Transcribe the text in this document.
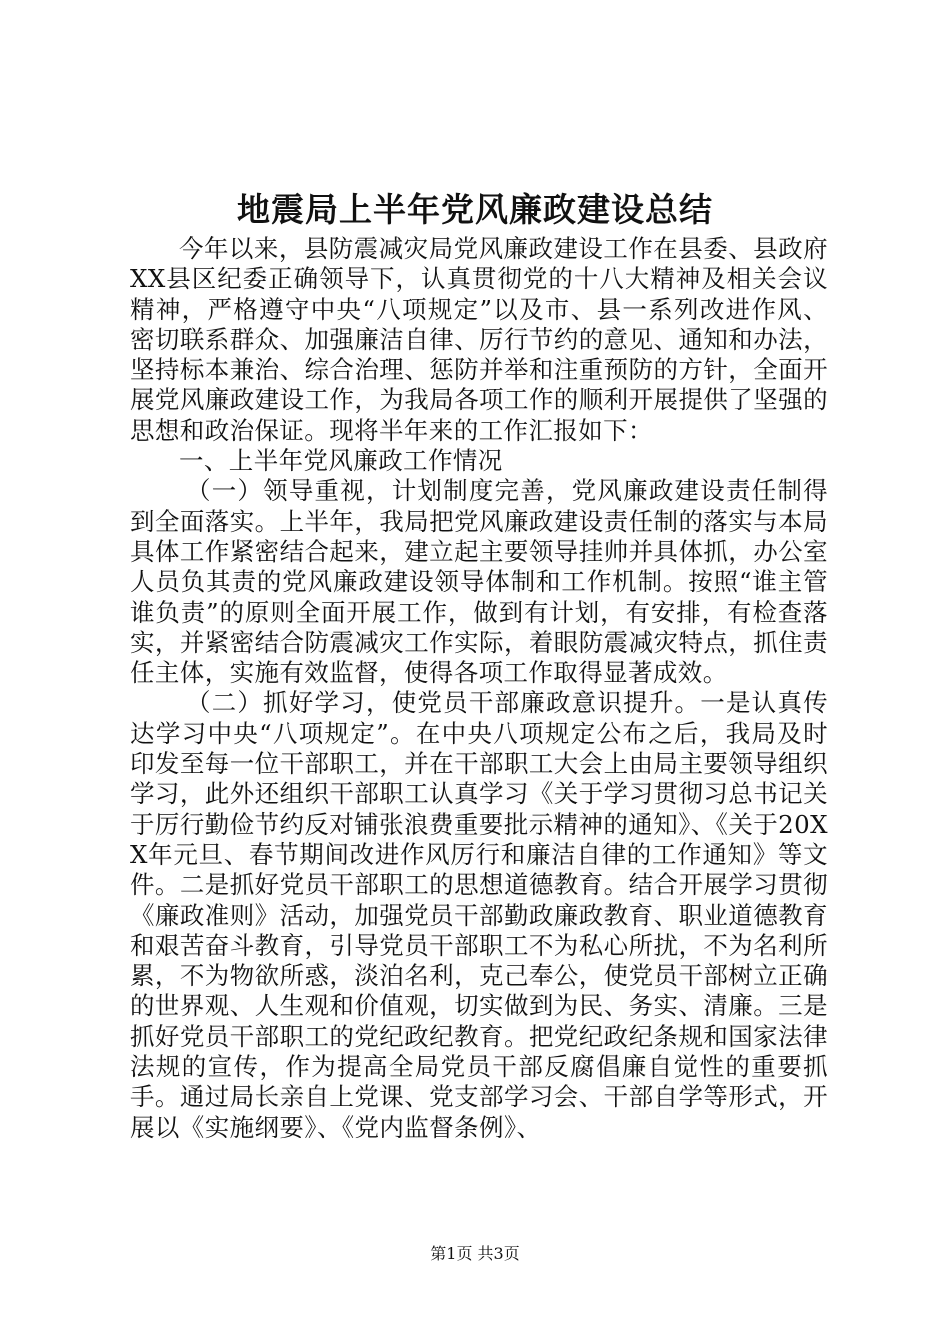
地震局上半年党风廉政建设总结

今年以来，县防震减灾局党风廉政建设工作在县委、县政府XX县区纪委正确领导下，认真贯彻党的十八大精神及相关会议精神，严格遵守中央“八项规定”以及市、县一系列改进作风、密切联系群众、加强廉洁自律、厉行节约的意见、通知和办法，坚持标本兼治、综合治理、惩防并举和注重预防的方针，全面开展党风廉政建设工作，为我局各项工作的顺利开展提供了坚强的思想和政治保证。现将半年来的工作汇报如下：

一、上半年党风廉政工作情况

（一）领导重视，计划制度完善，党风廉政建设责任制得到全面落实。上半年，我局把党风廉政建设责任制的落实与本局具体工作紧密结合起来，建立起主要领导挂帅并具体抓，办公室人员负其责的党风廉政建设领导体制和工作机制。按照“谁主管谁负责”的原则全面开展工作，做到有计划，有安排，有检查落实，并紧密结合防震减灾工作实际，着眼防震减灾特点，抓住责任主体，实施有效监督，使得各项工作取得显著成效。

（二）抓好学习，使党员干部廉政意识提升。一是认真传达学习中央“八项规定”。在中央八项规定公布之后，我局及时印发至每一位干部职工，并在干部职工大会上由局主要领导组织学习，此外还组织干部职工认真学习《关于学习贯彻习总书记关于厉行勤俭节约反对铺张浪费重要批示精神的通知》、《关于20XX年元旦、春节期间改进作风厉行和廉洁自律的工作通知》等文件。二是抓好党员干部职工的思想道德教育。结合开展学习贯彻《廉政准则》活动，加强党员干部勤政廉政教育、职业道德教育和艰苦奋斗教育，引导党员干部职工不为私心所扰，不为名利所累，不为物欲所惑，淡泊名利，克己奉公，使党员干部树立正确的世界观、人生观和价值观，切实做到为民、务实、清廉。三是抓好党员干部职工的党纪政纪教育。把党纪政纪条规和国家法律法规的宣传，作为提高全局党员干部反腐倡廉自觉性的重要抓手。通过局长亲自上党课、党支部学习会、干部自学等形式，开展以《实施纲要》、《党内监督条例》、

第1页 共3页
